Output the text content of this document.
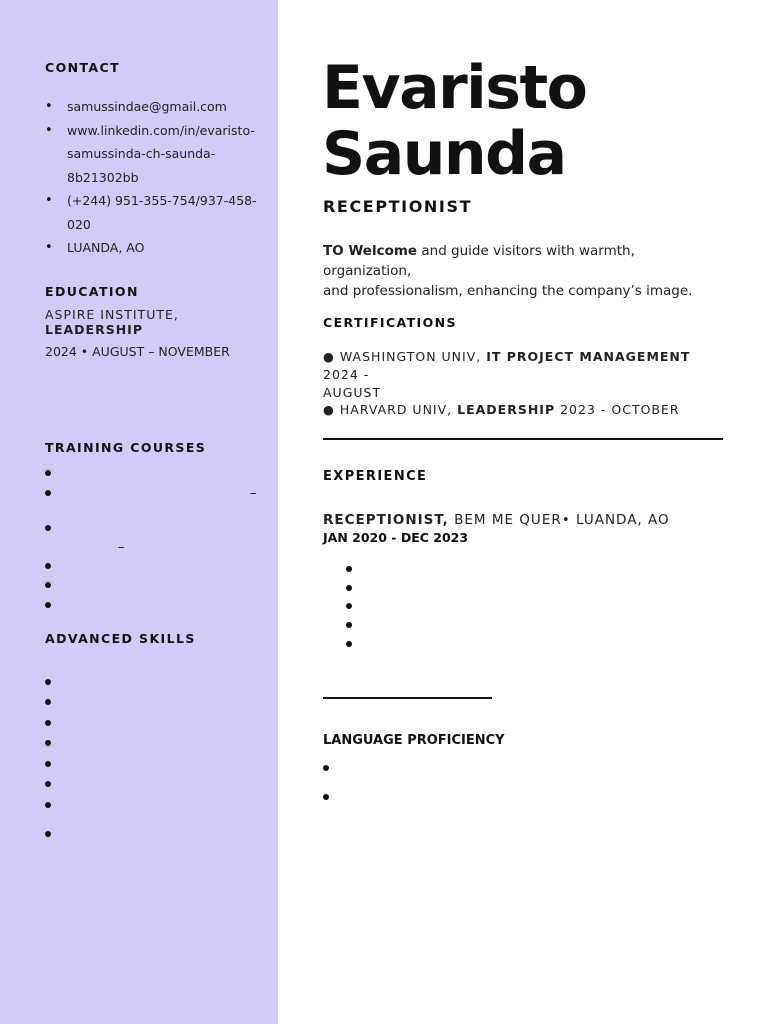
CONTACT
• samussindae@gmail.com
• www.linkedin.com/in/evaristo-
samussinda-ch-saunda-
8b21302bb
• (+244) 951-355-754/937-458-020
• LUANDA, AO
EDUCATION
ASPIRE INSTITUTE, LEADERSHIP
2024 • AUGUST – NOVEMBER
TRAINING COURSES
–
–
ADVANCED SKILLS
Evaristo
Saunda
RECEPTIONIST
TO Welcome and guide visitors with warmth, organization,
and professionalism, enhancing the company’s image.
CERTIFICATIONS
● WASHINGTON UNIV, IT PROJECT MANAGEMENT 2024 -
AUGUST
● HARVARD UNIV, LEADERSHIP 2023 - OCTOBER
EXPERIENCE
RECEPTIONIST, BEM ME QUER• LUANDA, AO
JAN 2020 - DEC 2023
LANGUAGE PROFICIENCY
